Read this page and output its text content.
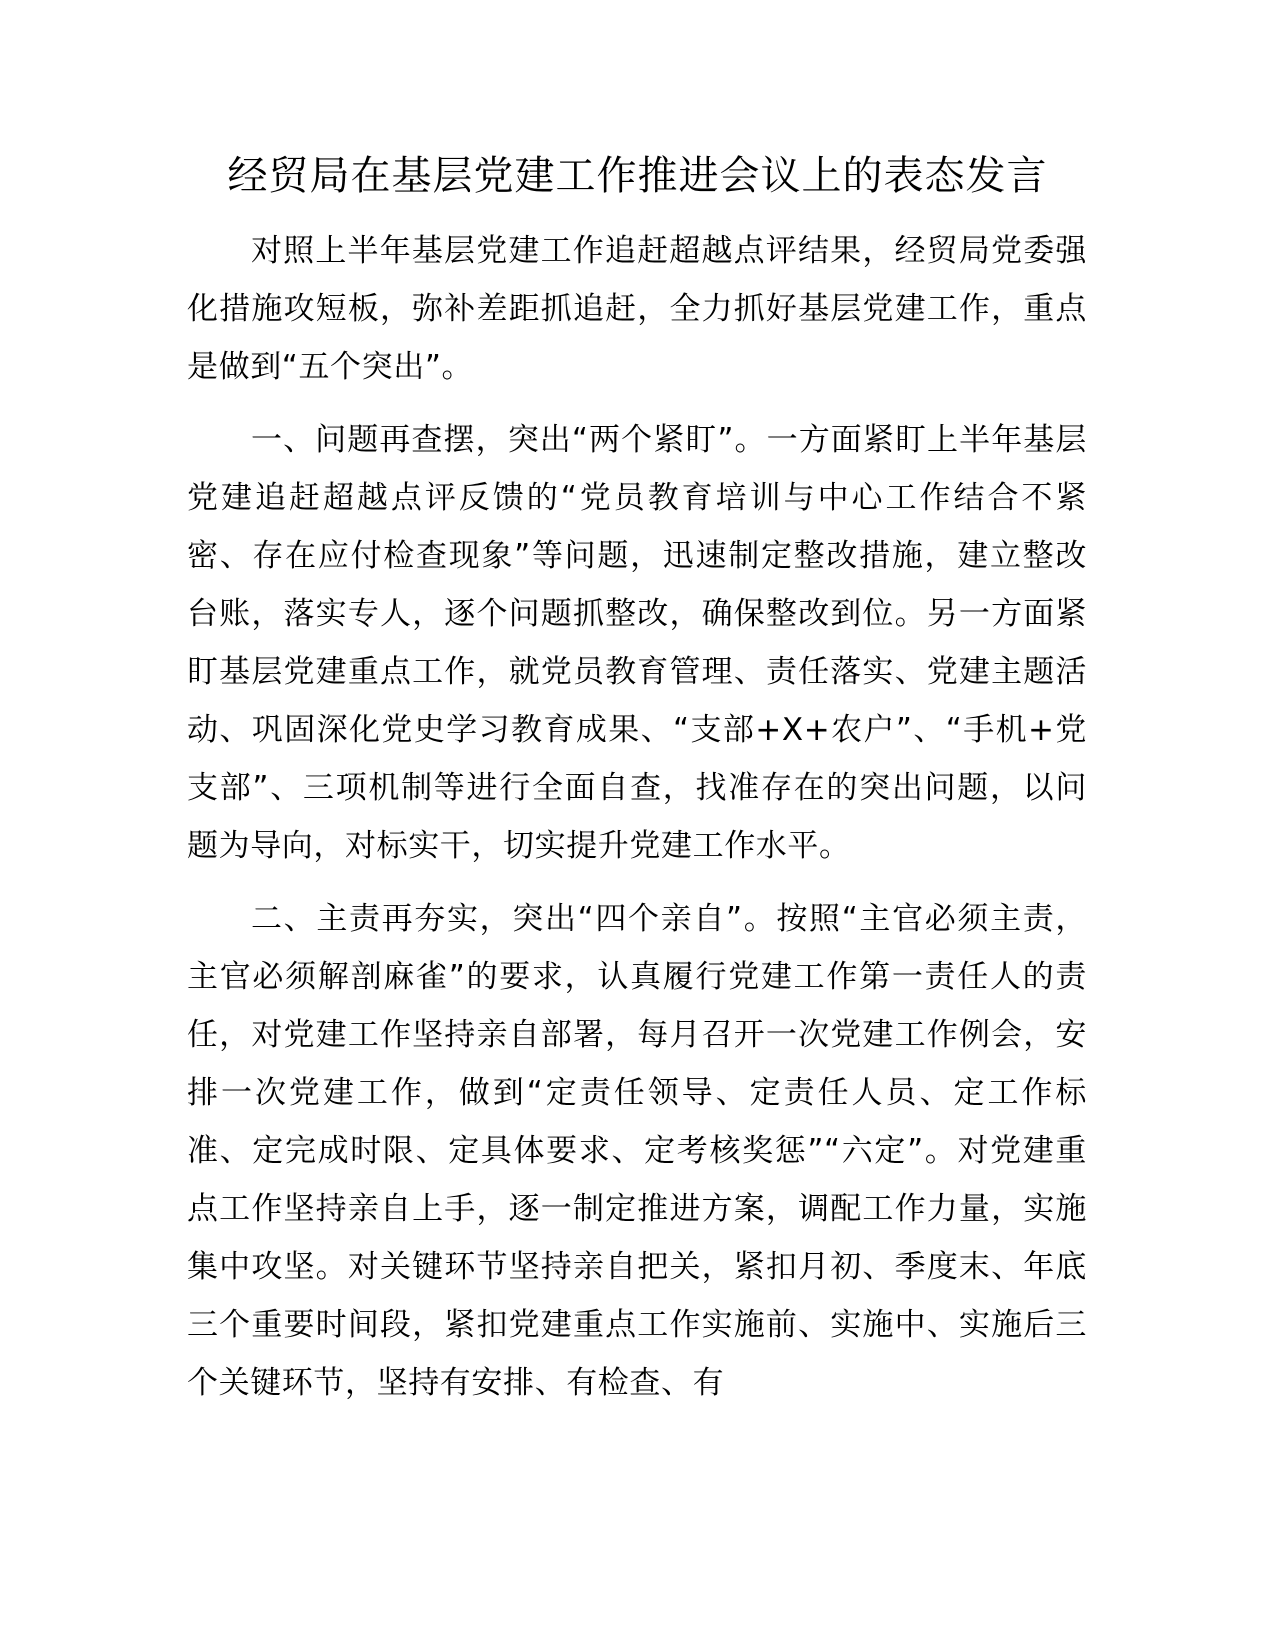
经贸局在基层党建工作推进会议上的表态发言

对照上半年基层党建工作追赶超越点评结果，经贸局党委强化措施攻短板，弥补差距抓追赶，全力抓好基层党建工作，重点是做到“五个突出”。

一、问题再查摆，突出“两个紧盯”。一方面紧盯上半年基层党建追赶超越点评反馈的“党员教育培训与中心工作结合不紧密、存在应付检查现象”等问题，迅速制定整改措施，建立整改台账，落实专人，逐个问题抓整改，确保整改到位。另一方面紧盯基层党建重点工作，就党员教育管理、责任落实、党建主题活动、巩固深化党史学习教育成果、“支部+X+农户”、“手机+党支部”、三项机制等进行全面自查，找准存在的突出问题，以问题为导向，对标实干，切实提升党建工作水平。

二、主责再夯实，突出“四个亲自”。按照“主官必须主责，主官必须解剖麻雀”的要求，认真履行党建工作第一责任人的责任，对党建工作坚持亲自部署，每月召开一次党建工作例会，安排一次党建工作，做到“定责任领导、定责任人员、定工作标准、定完成时限、定具体要求、定考核奖惩”“六定”。对党建重点工作坚持亲自上手，逐一制定推进方案，调配工作力量，实施集中攻坚。对关键环节坚持亲自把关，紧扣月初、季度末、年底三个重要时间段，紧扣党建重点工作实施前、实施中、实施后三个关键环节，坚持有安排、有检查、有
